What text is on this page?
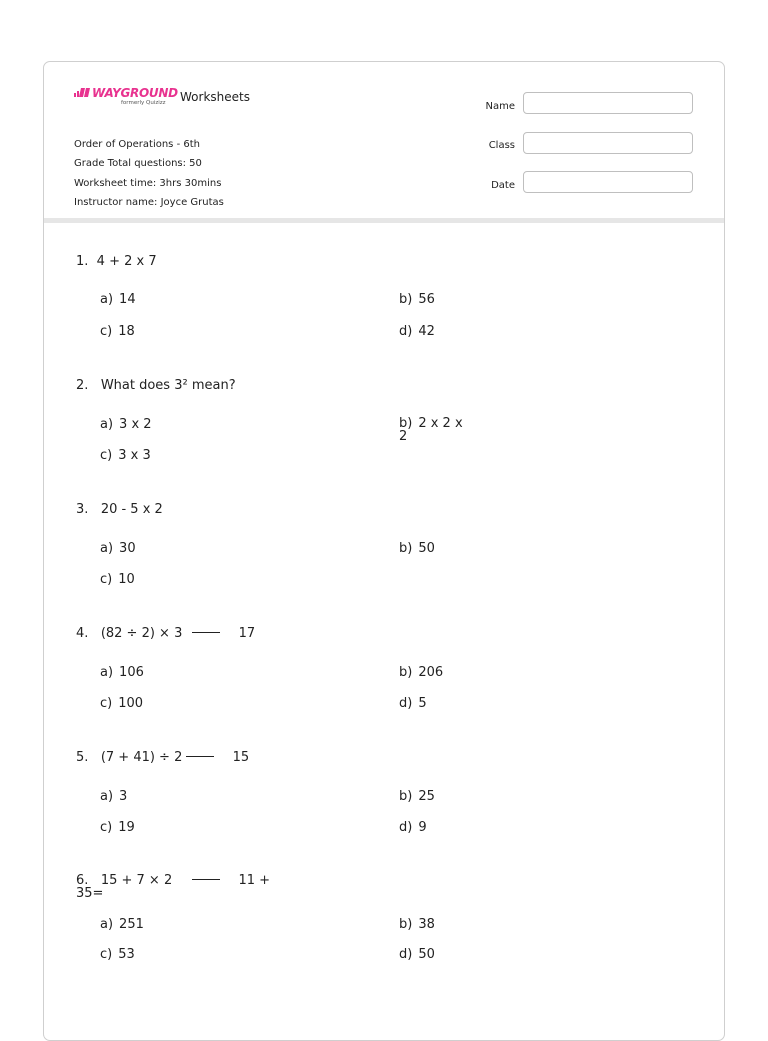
WAYGROUND
formerly Quizizz Worksheets
Order of Operations - 6th
Grade Total questions: 50
Worksheet time: 3hrs 30mins
Instructor name: Joyce Grutas
Name
Class
Date
1. 4 + 2 x 7
a) 14	b) 56
c) 18	d) 42
2. What does 3² mean?
a) 3 x 2	b) 2 x 2 x 2
c) 3 x 3
3. 20 - 5 x 2
a) 30	b) 50
c) 10
4. (82 ÷ 2) × 3	17
a) 106	b) 206
c) 100	d) 5
5. (7 + 41) ÷ 2	15
a) 3	b) 25
c) 19	d) 9
6. 15 + 7 × 2	11 +
35=
a) 251	b) 38
c) 53	d) 50
